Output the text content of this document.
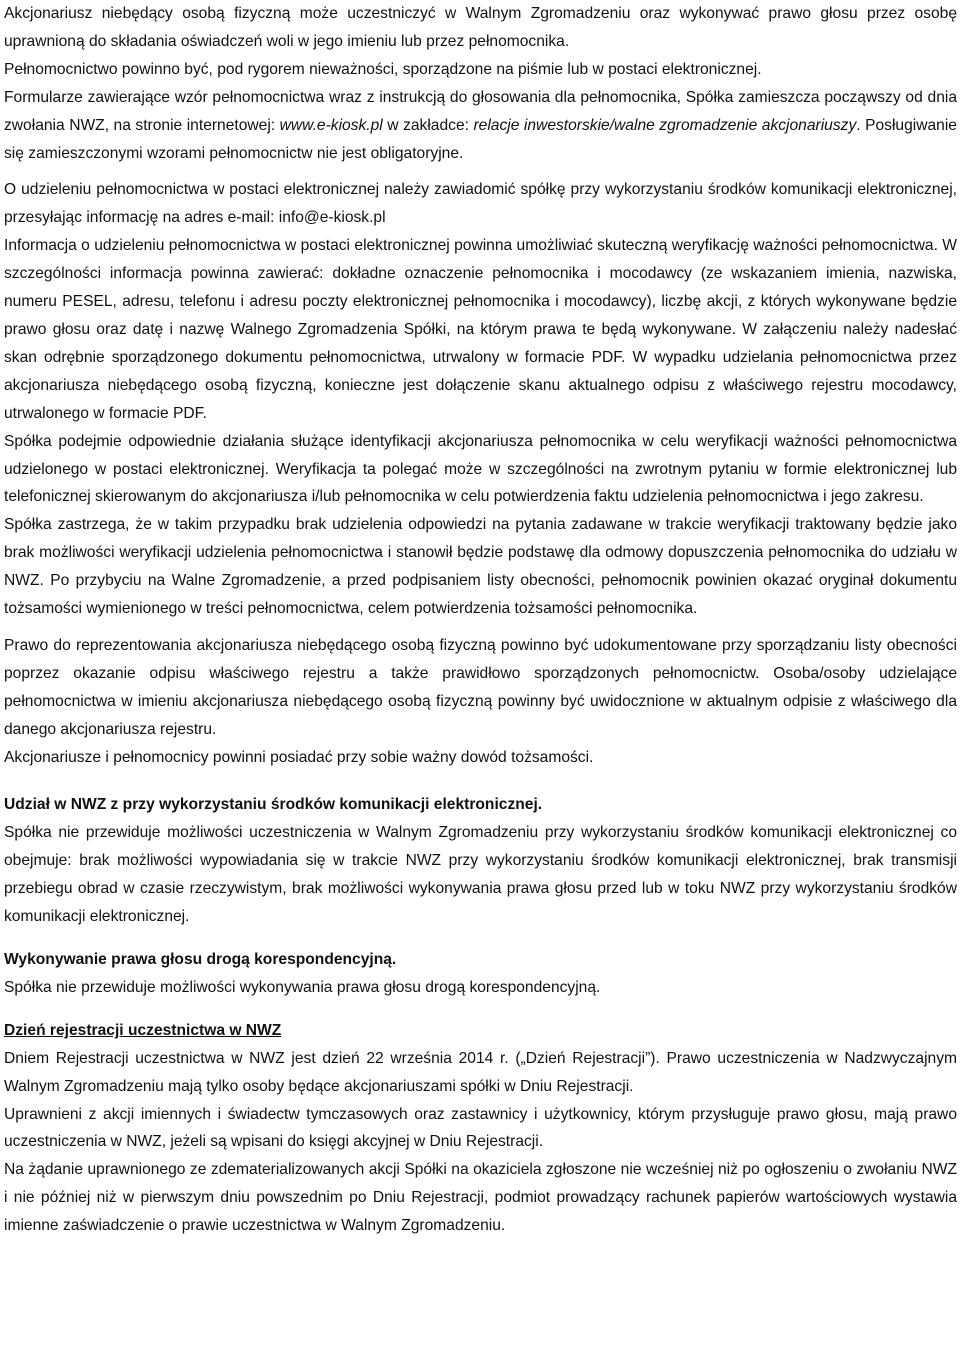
Akcjonariusz niebędący osobą fizyczną może uczestniczyć w Walnym Zgromadzeniu oraz wykonywać prawo głosu przez osobę uprawnioną do składania oświadczeń woli w jego imieniu lub przez pełnomocnika.

Pełnomocnictwo powinno być, pod rygorem nieważności, sporządzone na piśmie lub w postaci elektronicznej.

Formularze zawierające wzór pełnomocnictwa wraz z instrukcją do głosowania dla pełnomocnika, Spółka zamieszcza począwszy od dnia zwołania NWZ, na stronie internetowej: www.e-kiosk.pl w zakładce: relacje inwestorskie/walne zgromadzenie akcjonariuszy. Posługiwanie się zamieszczonymi wzorami pełnomocnictw nie jest obligatoryjne.

O udzieleniu pełnomocnictwa w postaci elektronicznej należy zawiadomić spółkę przy wykorzystaniu środków komunikacji elektronicznej, przesyłając informację na adres e-mail: info@e-kiosk.pl

Informacja o udzieleniu pełnomocnictwa w postaci elektronicznej powinna umożliwiać skuteczną weryfikację ważności pełnomocnictwa. W szczególności informacja powinna zawierać: dokładne oznaczenie pełnomocnika i mocodawcy (ze wskazaniem imienia, nazwiska, numeru PESEL, adresu, telefonu i adresu poczty elektronicznej pełnomocnika i mocodawcy), liczbę akcji, z których wykonywane będzie prawo głosu oraz datę i nazwę Walnego Zgromadzenia Spółki, na którym prawa te będą wykonywane. W załączeniu należy nadesłać skan odrębnie sporządzonego dokumentu pełnomocnictwa, utrwalony w formacie PDF. W wypadku udzielania pełnomocnictwa przez akcjonariusza niebędącego osobą fizyczną, konieczne jest dołączenie skanu aktualnego odpisu z właściwego rejestru mocodawcy, utrwalonego w formacie PDF.

Spółka podejmie odpowiednie działania służące identyfikacji akcjonariusza pełnomocnika w celu weryfikacji ważności pełnomocnictwa udzielonego w postaci elektronicznej. Weryfikacja ta polegać może w szczególności na zwrotnym pytaniu w formie elektronicznej lub telefonicznej skierowanym do akcjonariusza i/lub pełnomocnika w celu potwierdzenia faktu udzielenia pełnomocnictwa i jego zakresu.

Spółka zastrzega, że w takim przypadku brak udzielenia odpowiedzi na pytania zadawane w trakcie weryfikacji traktowany będzie jako brak możliwości weryfikacji udzielenia pełnomocnictwa i stanowił będzie podstawę dla odmowy dopuszczenia pełnomocnika do udziału w NWZ. Po przybyciu na Walne Zgromadzenie, a przed podpisaniem listy obecności, pełnomocnik powinien okazać oryginał dokumentu tożsamości wymienionego w treści pełnomocnictwa, celem potwierdzenia tożsamości pełnomocnika.

Prawo do reprezentowania akcjonariusza niebędącego osobą fizyczną powinno być udokumentowane przy sporządzaniu listy obecności poprzez okazanie odpisu właściwego rejestru a także prawidłowo sporządzonych pełnomocnictw. Osoba/osoby udzielające pełnomocnictwa w imieniu akcjonariusza niebędącego osobą fizyczną powinny być uwidocznione w aktualnym odpisie z właściwego dla danego akcjonariusza rejestru.

Akcjonariusze i pełnomocnicy powinni posiadać przy sobie ważny dowód tożsamości.

Udział w NWZ z przy wykorzystaniu środków komunikacji elektronicznej.

Spółka nie przewiduje możliwości uczestniczenia w Walnym Zgromadzeniu przy wykorzystaniu środków komunikacji elektronicznej co obejmuje: brak możliwości wypowiadania się w trakcie NWZ przy wykorzystaniu środków komunikacji elektronicznej, brak transmisji przebiegu obrad w czasie rzeczywistym, brak możliwości wykonywania prawa głosu przed lub w toku NWZ przy wykorzystaniu środków komunikacji elektronicznej.

Wykonywanie prawa głosu drogą korespondencyjną.

Spółka nie przewiduje możliwości wykonywania prawa głosu drogą korespondencyjną.

Dzień rejestracji uczestnictwa w NWZ

Dniem Rejestracji uczestnictwa w NWZ jest dzień 22 września 2014 r. („Dzień Rejestracji”). Prawo uczestniczenia w Nadzwyczajnym Walnym Zgromadzeniu mają tylko osoby będące akcjonariuszami spółki w Dniu Rejestracji.

Uprawnieni z akcji imiennych i świadectw tymczasowych oraz zastawnicy i użytkownicy, którym przysługuje prawo głosu, mają prawo uczestniczenia w NWZ, jeżeli są wpisani do księgi akcyjnej w Dniu Rejestracji.

Na żądanie uprawnionego ze zdematerializowanych akcji Spółki na okaziciela zgłoszone nie wcześniej niż po ogłoszeniu o zwołaniu NWZ i nie później niż w pierwszym dniu powszednim po Dniu Rejestracji, podmiot prowadzący rachunek papierów wartościowych wystawia imienne zaświadczenie o prawie uczestnictwa w Walnym Zgromadzeniu.
